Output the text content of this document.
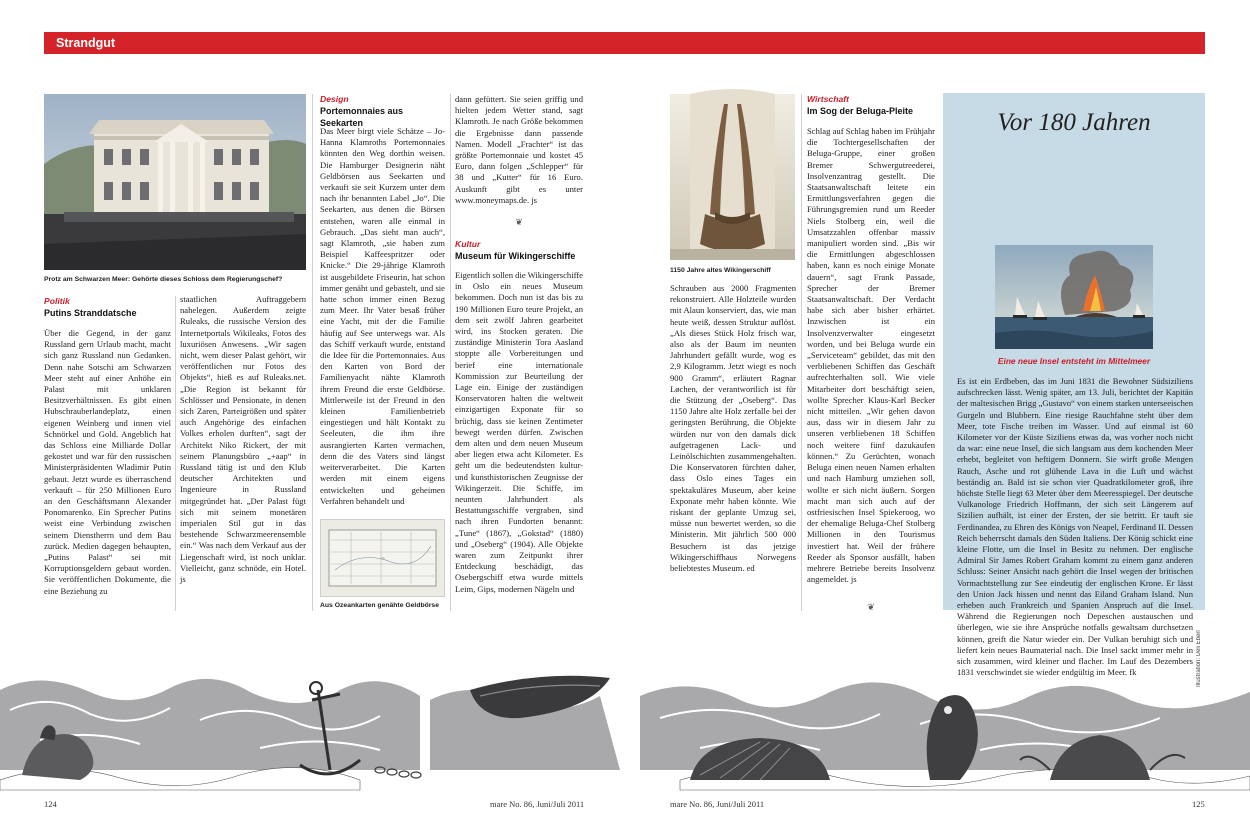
Strandgut
Protz am Schwarzen Meer: Gehörte dieses Schloss dem Regierungschef?
Politik
Putins Stranddatsche

Über die Gegend, in der ganz Russland gern Urlaub macht, macht sich ganz Russland nun Gedanken. Denn nahe Sotschi am Schwarzen Meer steht auf einer Anhöhe ein Palast mit unklaren Besitzverhältnissen. Es gibt einen Hubschrauberlandeplatz, einen eigenen Weinberg und innen viel Schnörkel und Gold. Angeblich hat das Schloss eine Milliarde Dollar gekostet und war für den russischen Ministerpräsidenten Wladimir Putin gebaut. Jetzt wurde es überraschend verkauft – für 250 Millionen Euro an den Geschäftsmann Alexander Ponomarenko. Ein Sprecher Putins weist eine Verbindung zwischen seinem Dienstherrn und dem Bau zurück. Medien dagegen behaupten, „Putins Palast“ sei mit Korruptionsgeldern gebaut worden. Sie veröffentlichen Dokumente, die eine Beziehung zu

staatlichen Auftraggebern nahelegen. Außerdem zeigte Ruleaks, die russische Version des Internetportals Wikileaks, Fotos des luxuriösen Anwesens. „Wir sagen nicht, wem dieser Palast gehört, wir veröffentlichen nur Fotos des Objekts“, hieß es auf Ruleaks.net. „Die Region ist bekannt für Schlösser und Pensionate, in denen sich Zaren, Parteigrößen und später auch Angehörige des einfachen Volkes erholen durften“, sagt der Architekt Niko Rickert, der mit seinem Planungsbüro „+aap“ in Russland tätig ist und den Klub deutscher Architekten und Ingenieure in Russland mitgegründet hat. „Der Palast fügt sich mit seinem monetären imperialen Stil gut in das bestehende Schwarzmeerensemble ein.“ Was nach dem Verkauf aus der Liegenschaft wird, ist noch unklar. Vielleicht, ganz schnöde, ein Hotel. js

Design
Portemonnaies aus Seekarten

Das Meer birgt viele Schätze – Jo-Hanna Klamroths Portemonnaies könnten den Weg dorthin weisen. Die Hamburger Designerin näht Geldbörsen aus Seekarten und verkauft sie seit Kurzem unter dem nach ihr benannten Label „Jo“. Die Seekarten, aus denen die Börsen entstehen, waren alle einmal in Gebrauch. „Das sieht man auch“, sagt Klamroth, „sie haben zum Beispiel Kaffeespritzer oder Knicke.“ Die 29-jährige Klamroth ist ausgebildete Friseurin, hat schon immer genäht und gebastelt, und sie hatte schon immer einen Bezug zum Meer. Ihr Vater besaß früher eine Yacht, mit der die Familie häufig auf See unterwegs war. Als das Schiff verkauft wurde, entstand die Idee für die Portemonnaies. Aus den Karten von Bord der Familienyacht nähte Klamroth ihrem Freund die erste Geldbörse. Mittlerweile ist der Freund in den kleinen Familienbetrieb eingestiegen und hält Kontakt zu Seeleuten, die ihm ihre ausrangierten Karten vermachen, denn die des Vaters sind längst weiterverarbeitet. Die Karten werden mit einem eigens entwickelten und geheimen Verfahren behandelt und

~
Aus Ozeankarten genähte Geldbörse

dann gefüttert. Sie seien griffig und hielten jedem Wetter stand, sagt Klamroth. Je nach Größe bekommen die Ergebnisse dann passende Namen. Modell „Frachter“ ist das größte Portemonnaie und kostet 45 Euro, dann folgen „Schlepper“ für 38 und „Kutter“ für 16 Euro. Auskunft gibt es unter www.moneymaps.de. js

❦
Kultur
Museum für Wikingerschiffe

Eigentlich sollen die Wikingerschiffe in Oslo ein neues Museum bekommen. Doch nun ist das bis zu 190 Millionen Euro teure Projekt, an dem seit zwölf Jahren gearbeitet wird, ins Stocken geraten. Die zuständige Ministerin Tora Aasland stoppte alle Vorbereitungen und berief eine internationale Kommission zur Beurteilung der Lage ein. Einige der zuständigen Konservatoren halten die weltweit einzigartigen Exponate für so brüchig, dass sie keinen Zentimeter bewegt werden dürfen. Zwischen dem alten und dem neuen Museum aber liegen etwa acht Kilometer. Es geht um die bedeutendsten kultur- und kunsthistorischen Zeugnisse der Wikingerzeit. Die Schiffe, im neunten Jahrhundert als Bestattungsschiffe vergraben, sind nach ihren Fundorten benannt: „Tune“ (1867), „Gokstad“ (1880) und „Oseberg“ (1904). Alle Objekte waren zum Zeitpunkt ihrer Entdeckung beschädigt, das Osebergschiff etwa wurde mittels Leim, Gips, modernen Nägeln und

124	mare No. 86, Juni/Juli 2011
1150 Jahre altes Wikingerschiff

Schrauben aus 2000 Fragmenten rekonstruiert. Alle Holzteile wurden mit Alaun konserviert, das, wie man heute weiß, dessen Struktur auflöst. „Als dieses Stück Holz frisch war, also als der Baum im neunten Jahrhundert gefällt wurde, wog es 2,9 Kilogramm. Jetzt wiegt es noch 900 Gramm“, erläutert Ragnar Løchen, der verantwortlich ist für die Stützung der „Oseberg“. Das 1150 Jahre alte Holz zerfalle bei der geringsten Berührung, die Objekte würden nur von den damals dick aufgetragenen Lack- und Leinölschichten zusammengehalten. Die Konservatoren fürchten daher, dass Oslo eines Tages ein spektakuläres Museum, aber keine Exponate mehr haben könnte. Wie riskant der geplante Umzug sei, müsse nun bewertet werden, so die Ministerin. Mit jährlich 500 000 Besuchern ist das jetzige Wikingerschiffhaus Norwegens beliebtestes Museum. ed

Wirtschaft
Im Sog der Beluga-Pleite

Schlag auf Schlag haben im Frühjahr die Tochtergesellschaften der Beluga-Gruppe, einer großen Bremer Schwergutreederei, Insolvenzantrag gestellt. Die Staatsanwaltschaft leitete ein Ermittlungsverfahren gegen die Führungsgremien rund um Reeder Niels Stolberg ein, weil die Umsatzzahlen offenbar massiv manipuliert worden sind. „Bis wir die Ermittlungen abgeschlossen haben, kann es noch einige Monate dauern“, sagt Frank Passade, Sprecher der Bremer Staatsanwaltschaft. Der Verdacht habe sich aber bisher erhärtet. Inzwischen ist ein Insolvenzverwalter eingesetzt worden, und bei Beluga wurde ein „Serviceteam“ gebildet, das mit den verbliebenen Schiffen das Geschäft aufrechterhalten soll. Wie viele Mitarbeiter dort beschäftigt seien, wollte Sprecher Klaus-Karl Becker nicht mitteilen. „Wir gehen davon aus, dass wir in diesem Jahr zu unseren verbliebenen 18 Schiffen noch weitere fünf dazukaufen können.“ Zu Gerüchten, wonach Beluga einen neuen Namen erhalten und nach Hamburg umziehen soll, wollte er sich nicht äußern. Sorgen macht man sich auch auf der ostfriesischen Insel Spiekeroog, wo der ehemalige Beluga-Chef Stolberg Millionen in den Tourismus investiert hat. Weil der frühere Reeder als Sponsor ausfällt, haben mehrere Betriebe bereits Insolvenz angemeldet. js

❦
Vor 180 Jahren
Eine neue Insel entsteht im Mittelmeer

Es ist ein Erdbeben, das im Juni 1831 die Bewohner Südsiziliens aufschrecken lässt. Wenig später, am 13. Juli, berichtet der Kapitän der maltesischen Brigg „Gustavo“ von einem starken unterseeischen Gurgeln und Blubbern. Eine riesige Rauchfahne steht über dem Meer, tote Fische treiben im Wasser. Und auf einmal ist 60 Kilometer vor der Küste Siziliens etwas da, was vorher noch nicht da war: eine neue Insel, die sich langsam aus dem kochenden Meer erhebt, begleitet von heftigem Donnern. Sie wirft große Mengen Rauch, Asche und rot glühende Lava in die Luft und wächst beständig an. Bald ist sie schon vier Quadratkilometer groß, ihre höchste Stelle liegt 63 Meter über dem Meeresspiegel. Der deutsche Vulkanologe Friedrich Hoffmann, der sich seit Längerem auf Sizilien aufhält, ist einer der Ersten, der sie betritt. Er tauft sie Ferdinandea, zu Ehren des Königs von Neapel, Ferdinand II. Dessen Reich beherrscht damals den Süden Italiens. Der König schickt eine kleine Flotte, um die Insel in Besitz zu nehmen. Der englische Admiral Sir James Robert Graham kommt zu einem ganz anderen Schluss: Seiner Ansicht nach gehört die Insel wegen der britischen Vormachtstellung zur See eindeutig der englischen Krone. Er lässt den Union Jack hissen und nennt das Eiland Graham Island. Nun erheben auch Frankreich und Spanien Anspruch auf die Insel. Während die Regierungen noch Depeschen austauschen und überlegen, wie sie ihre Ansprüche notfalls gewaltsam durchsetzen können, greift die Natur wieder ein. Der Vulkan beruhigt sich und liefert kein neues Baumaterial nach. Die Insel sackt immer mehr in sich zusammen, wird kleiner und flacher. Im Lauf des Dezembers 1831 verschwindet sie wieder endgültig im Meer. fk	Illustration: Ueli Eberl
mare No. 86, Juni/Juli 2011	125
